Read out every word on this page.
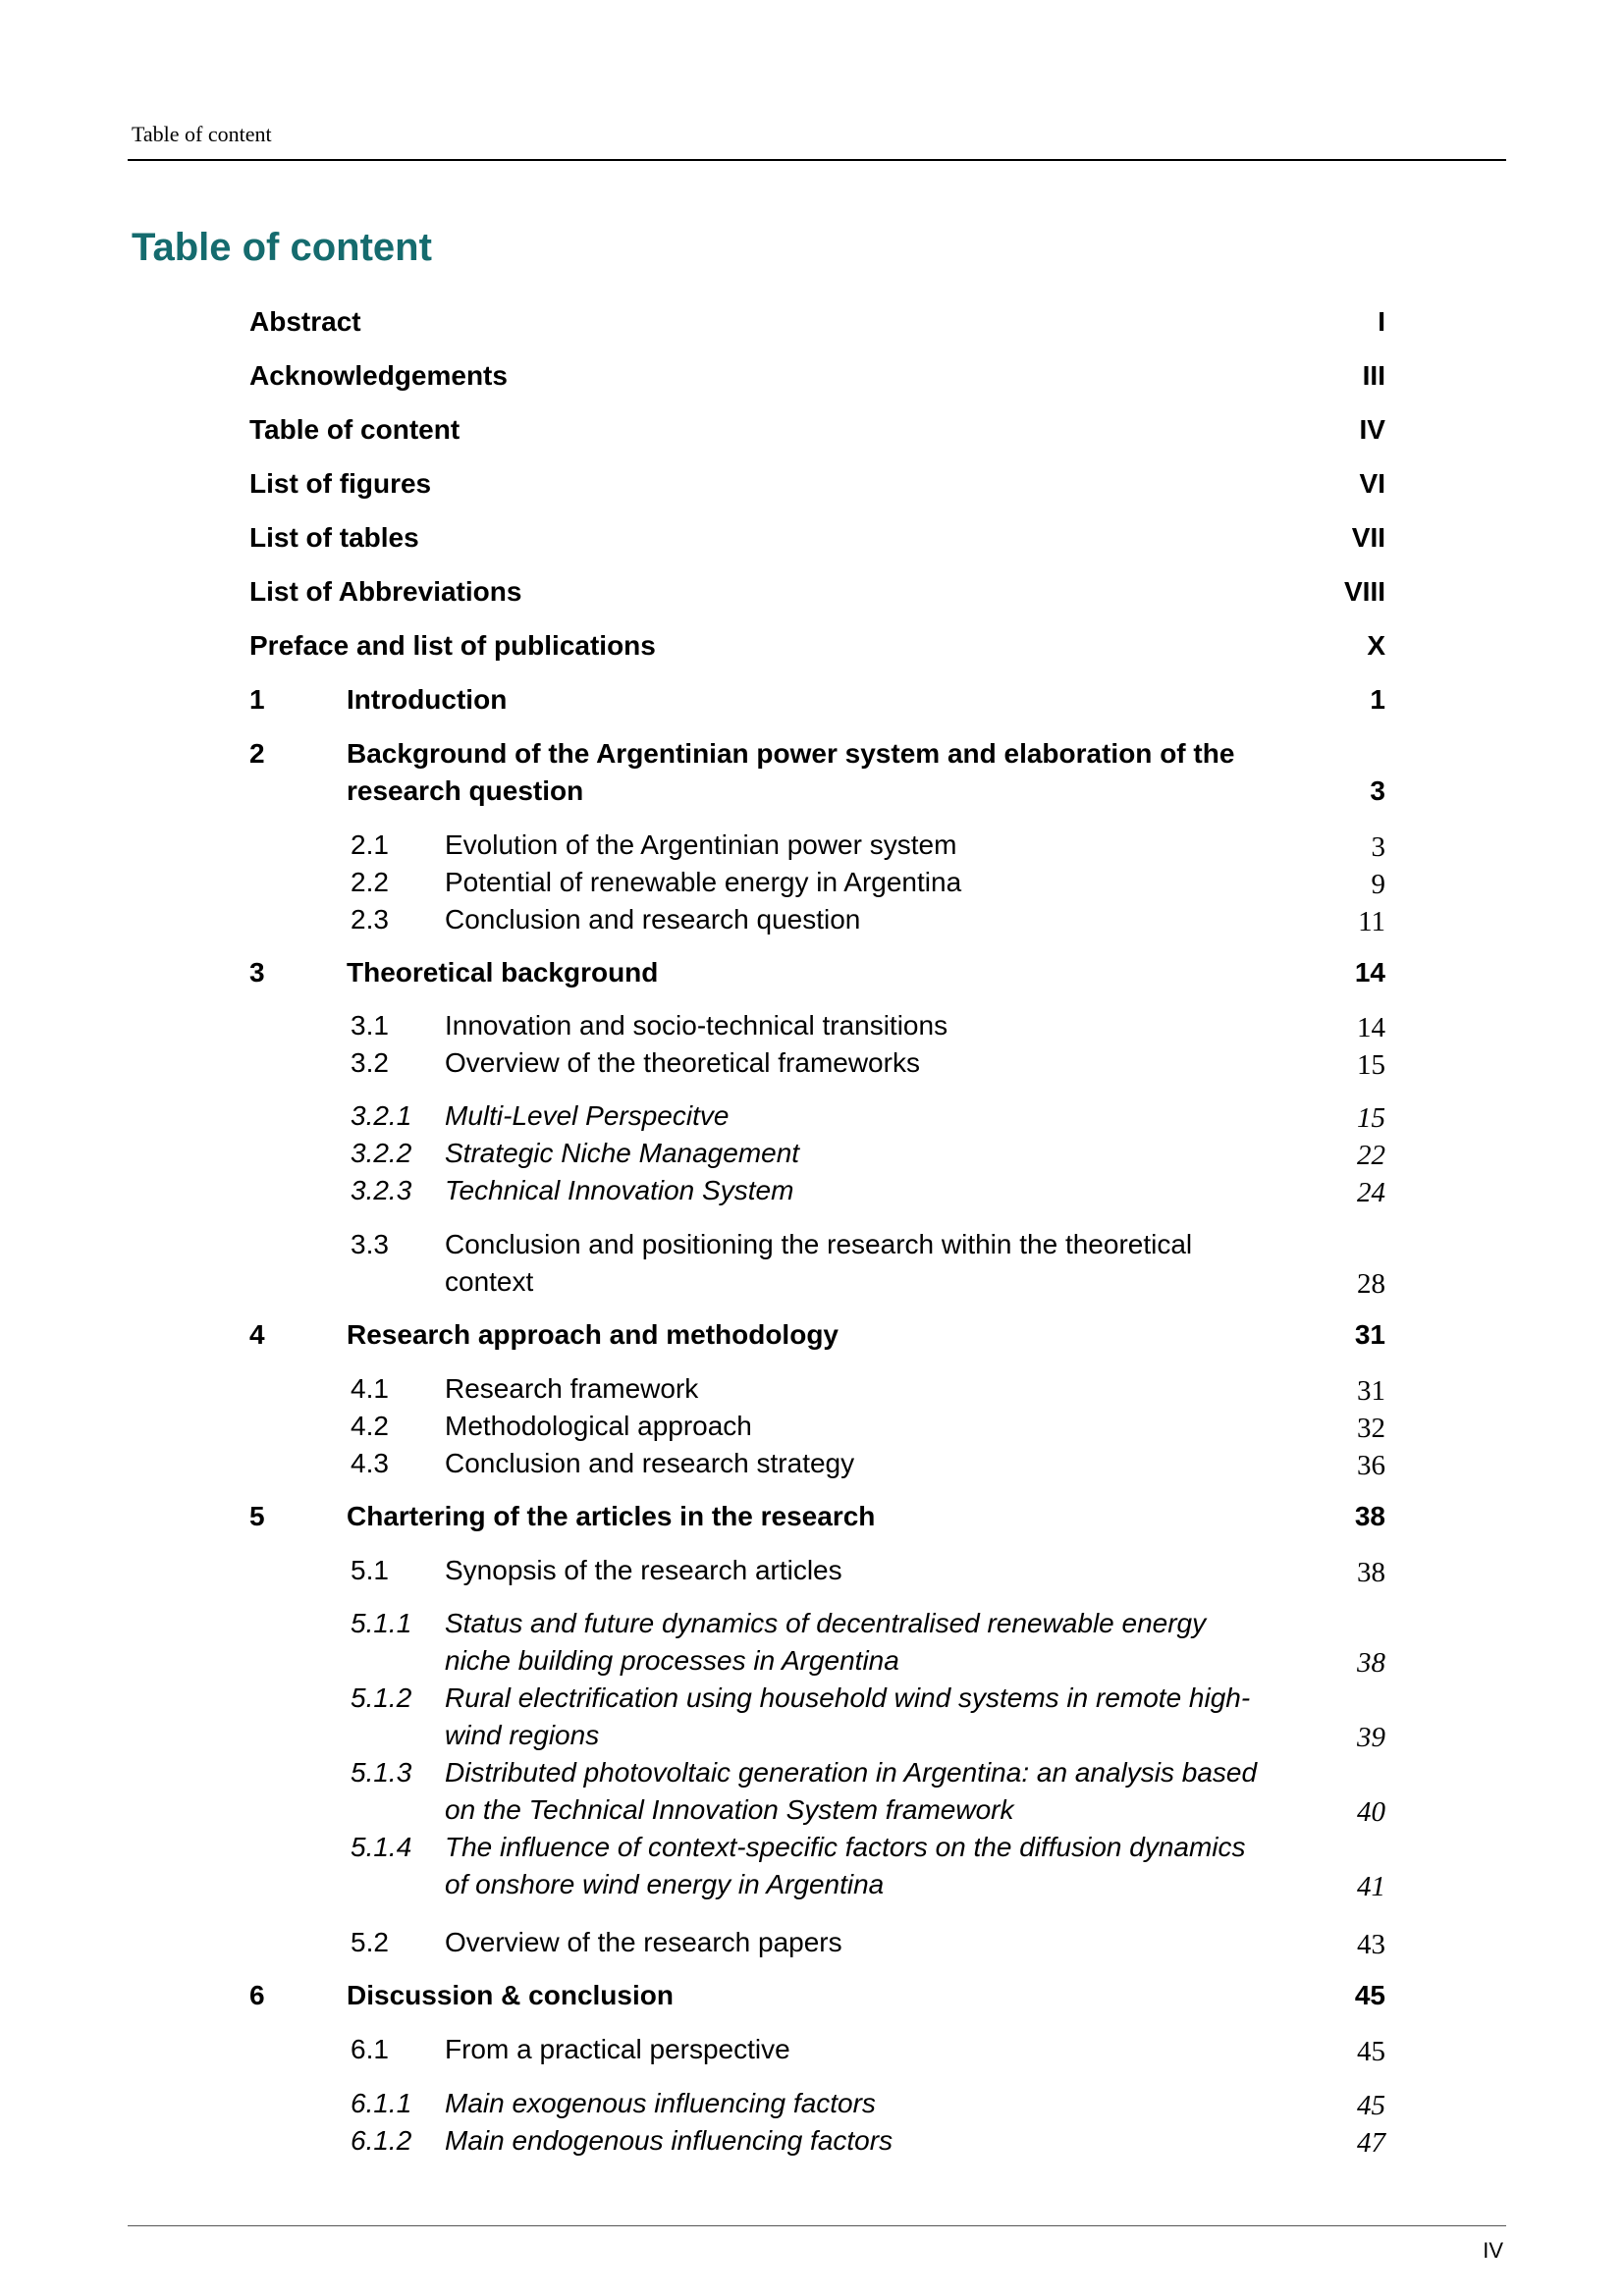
Table of content
Table of content
Abstract	I
Acknowledgements	III
Table of content	IV
List of figures	VI
List of tables	VII
List of Abbreviations	VIII
Preface and list of publications	X
1	Introduction	1
2	Background of the Argentinian power system and elaboration of the research question	3
2.1 Evolution of the Argentinian power system	3
2.2 Potential of renewable energy in Argentina	9
2.3 Conclusion and research question	11
3	Theoretical background	14
3.1 Innovation and socio-technical transitions	14
3.2 Overview of the theoretical frameworks	15
3.2.1 Multi-Level Perspecitve	15
3.2.2 Strategic Niche Management	22
3.2.3 Technical Innovation System	24
3.3 Conclusion and positioning the research within the theoretical context	28
4	Research approach and methodology	31
4.1 Research framework	31
4.2 Methodological approach	32
4.3 Conclusion and research strategy	36
5	Chartering of the articles in the research	38
5.1 Synopsis of the research articles	38
5.1.1 Status and future dynamics of decentralised renewable energy niche building processes in Argentina	38
5.1.2 Rural electrification using household wind systems in remote high-wind regions	39
5.1.3 Distributed photovoltaic generation in Argentina: an analysis based on the Technical Innovation System framework	40
5.1.4 The influence of context-specific factors on the diffusion dynamics of onshore wind energy in Argentina	41
5.2 Overview of the research papers	43
6	Discussion & conclusion	45
6.1 From a practical perspective	45
6.1.1 Main exogenous influencing factors	45
6.1.2 Main endogenous influencing factors	47
IV
